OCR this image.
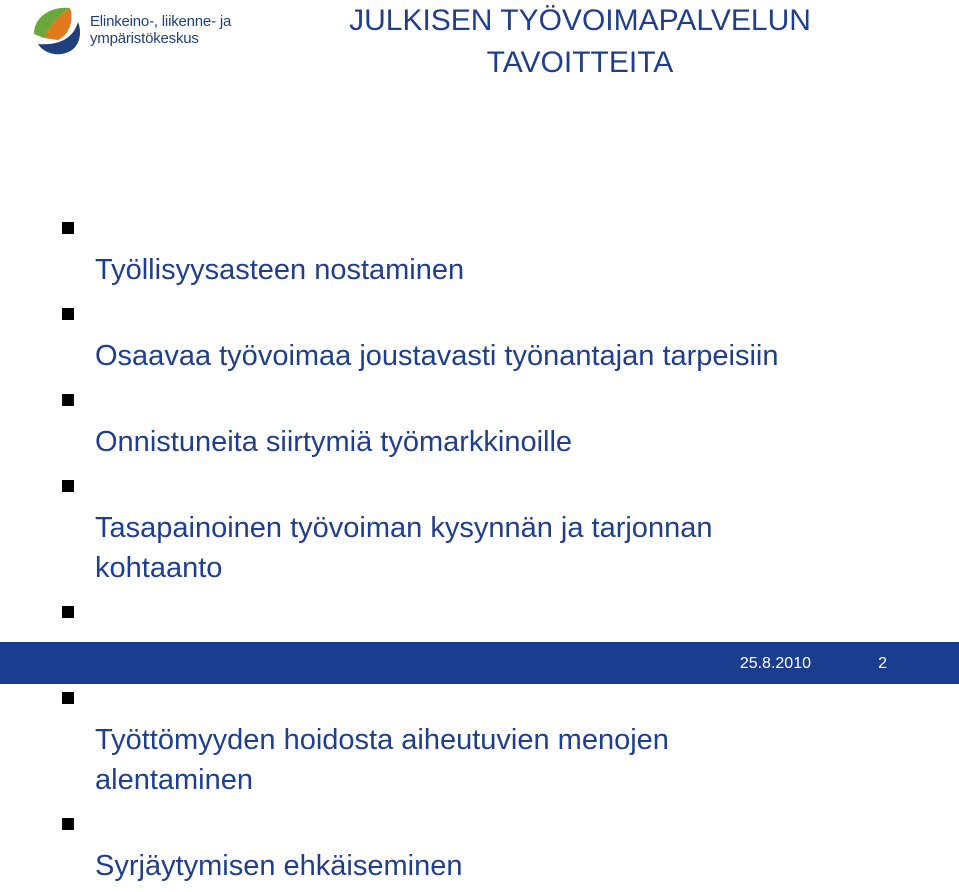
Elinkeino-, liikenne- ja
ympäristökeskus
JULKISEN TYÖVOIMAPALVELUN
TAVOITTEITA

Työllisyysasteen nostaminen

Osaavaa työvoimaa joustavasti työnantajan tarpeisiin

Onnistuneita siirtymiä työmarkkinoille

Tasapainoinen työvoiman kysynnän ja tarjonnan
kohtaanto

Työttömyyden hoidosta aiheutuvien menojen
alentaminen

Syrjäytymisen ehkäiseminen

25.8.2010	2
